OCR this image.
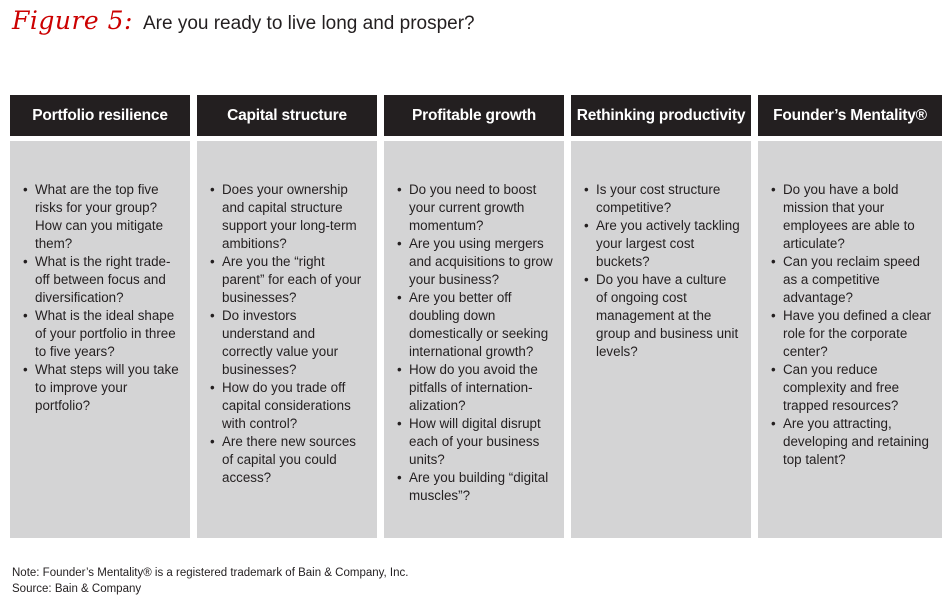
Figure 5: Are you ready to live long and prosper?
Portfolio resilience
• What are the top five risks for your group? How can you mitigate them?
• What is the right trade-off between focus and diversification?
• What is the ideal shape of your portfolio in three to five years?
• What steps will you take to improve your portfolio?
Capital structure
• Does your ownership and capital structure support your long-term ambitions?
• Are you the “right parent” for each of your businesses?
• Do investors understand and correctly value your businesses?
• How do you trade off capital considerations with control?
• Are there new sources of capital you could access?
Profitable growth
• Do you need to boost your current growth momentum?
• Are you using mergers and acquisitions to grow your business?
• Are you better off doubling down domestically or seeking international growth?
• How do you avoid the pitfalls of internation-alization?
• How will digital disrupt each of your business units?
• Are you building “digital muscles”?
Rethinking productivity
• Is your cost structure competitive?
• Are you actively tackling your largest cost buckets?
• Do you have a culture of ongoing cost management at the group and business unit levels?
Founder’s Mentality®
• Do you have a bold mission that your employees are able to articulate?
• Can you reclaim speed as a competitive advantage?
• Have you defined a clear role for the corporate center?
• Can you reduce complexity and free trapped resources?
• Are you attracting, developing and retaining top talent?
Note: Founder’s Mentality® is a registered trademark of Bain & Company, Inc.
Source: Bain & Company
